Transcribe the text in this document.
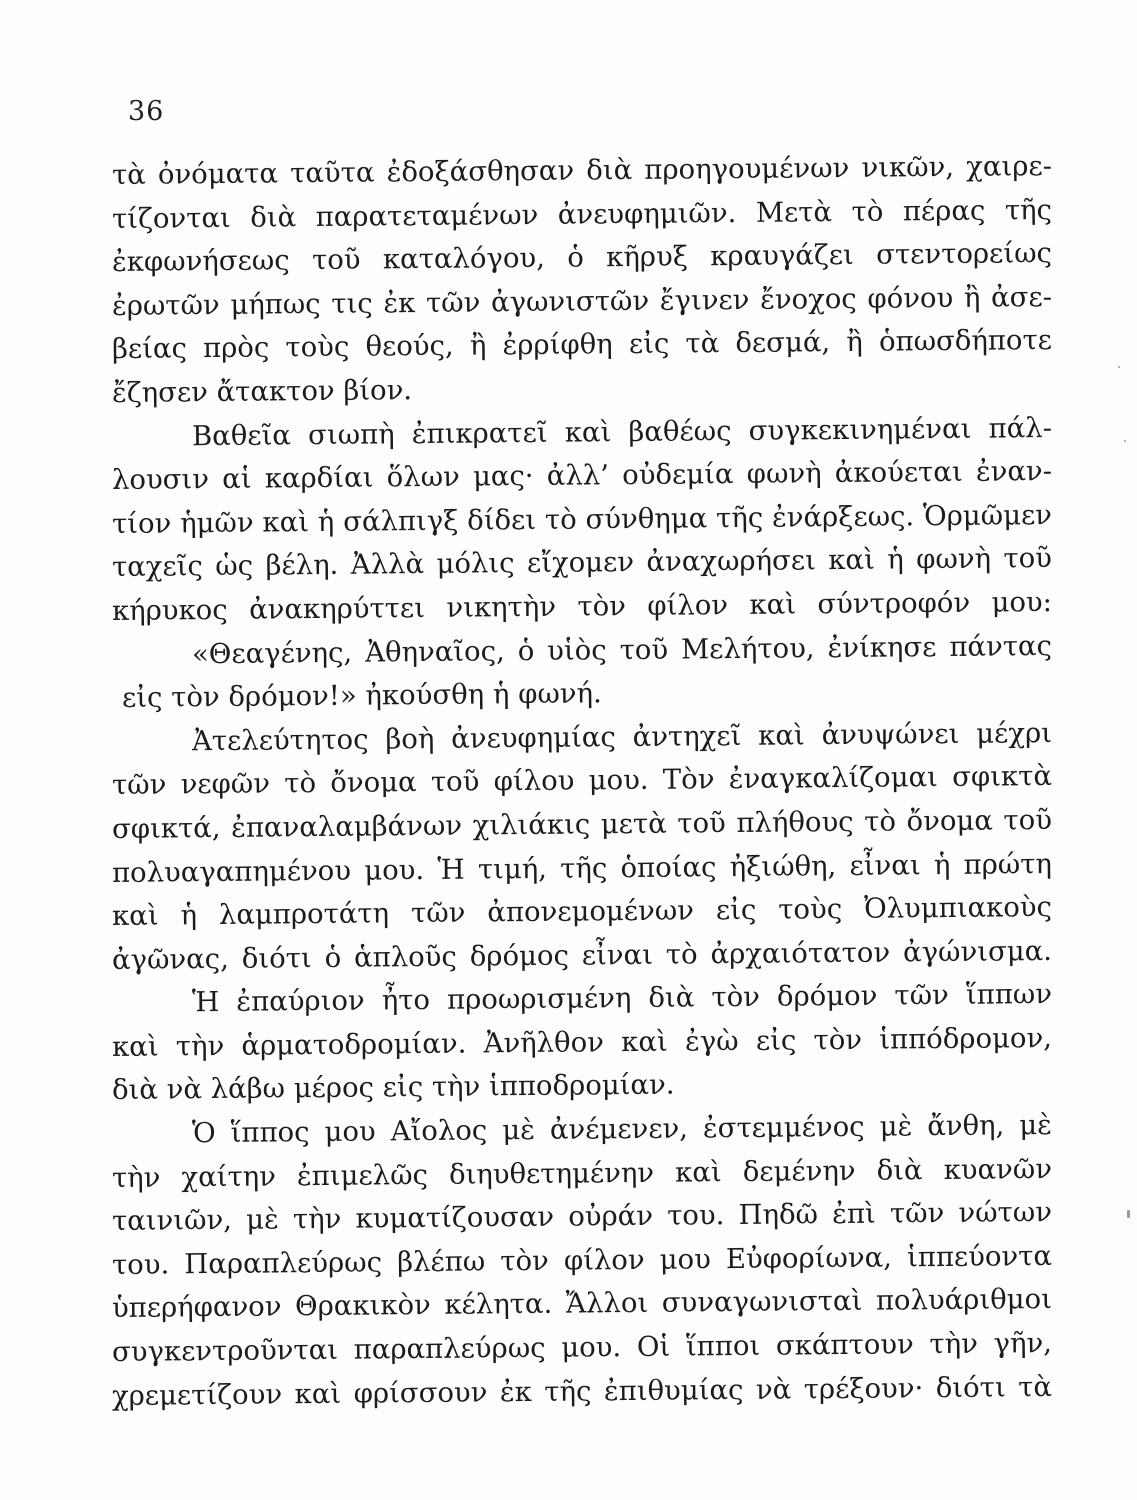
36
τὰ ὀνόματα ταῦτα ἐδοξάσθησαν διὰ προηγουμένων νικῶν, χαιρε-
τίζονται διὰ παρατεταμένων ἀνευφημιῶν. Μετὰ τὸ πέρας τῆς
ἐκφωνήσεως τοῦ καταλόγου, ὁ κῆρυξ κραυγάζει στεντορείως
ἐρωτῶν μήπως τις ἐκ τῶν ἀγωνιστῶν ἔγινεν ἔνοχος φόνου ἢ ἀσε-
βείας πρὸς τοὺς θεούς, ἢ ἐρρίφθη εἰς τὰ δεσμά, ἢ ὁπωσδήποτε
ἔζησεν ἄτακτον βίον.
Βαθεῖα σιωπὴ ἐπικρατεῖ καὶ βαθέως συγκεκινημέναι πάλ-
λουσιν αἱ καρδίαι ὅλων μας· ἀλλ’ οὐδεμία φωνὴ ἀκούεται ἐναν-
τίον ἡμῶν καὶ ἡ σάλπιγξ δίδει τὸ σύνθημα τῆς ἐνάρξεως. Ὁρμῶμεν
ταχεῖς ὡς βέλη. Ἀλλὰ μόλις εἴχομεν ἀναχωρήσει καὶ ἡ φωνὴ τοῦ
κήρυκος ἀνακηρύττει νικητὴν τὸν φίλον καὶ σύντροφόν μου:
«Θεαγένης, Ἀθηναῖος, ὁ υἱὸς τοῦ Μελήτου, ἐνίκησε πάντας
εἰς τὸν δρόμον!» ἠκούσθη ἡ φωνή.
Ἀτελεύτητος βοὴ ἀνευφημίας ἀντηχεῖ καὶ ἀνυψώνει μέχρι
τῶν νεφῶν τὸ ὄνομα τοῦ φίλου μου. Τὸν ἐναγκαλίζομαι σφικτὰ
σφικτά, ἐπαναλαμβάνων χιλιάκις μετὰ τοῦ πλήθους τὸ ὄνομα τοῦ
πολυαγαπημένου μου. Ἡ τιμή, τῆς ὁποίας ἠξιώθη, εἶναι ἡ πρώτη
καὶ ἡ λαμπροτάτη τῶν ἀπονεμομένων εἰς τοὺς Ὀλυμπιακοὺς
ἀγῶνας, διότι ὁ ἁπλοῦς δρόμος εἶναι τὸ ἀρχαιότατον ἀγώνισμα.
Ἡ ἐπαύριον ἦτο προωρισμένη διὰ τὸν δρόμον τῶν ἵππων
καὶ τὴν ἁρματοδρομίαν. Ἀνῆλθον καὶ ἐγὼ εἰς τὸν ἱππόδρομον,
διὰ νὰ λάβω μέρος εἰς τὴν ἱπποδρομίαν.
Ὁ ἵππος μου Αἴολος μὲ ἀνέμενεν, ἐστεμμένος μὲ ἄνθη, μὲ
τὴν χαίτην ἐπιμελῶς διηυθετημένην καὶ δεμένην διὰ κυανῶν
ταινιῶν, μὲ τὴν κυματίζουσαν οὐράν του. Πηδῶ ἐπὶ τῶν νώτων
του. Παραπλεύρως βλέπω τὸν φίλον μου Εὐφορίωνα, ἱππεύοντα
ὑπερήφανον Θρακικὸν κέλητα. Ἄλλοι συναγωνισταὶ πολυάριθμοι
συγκεντροῦνται παραπλεύρως μου. Οἱ ἵπποι σκάπτουν τὴν γῆν,
χρεμετίζουν καὶ φρίσσουν ἐκ τῆς ἐπιθυμίας νὰ τρέξουν· διότι τὰ
